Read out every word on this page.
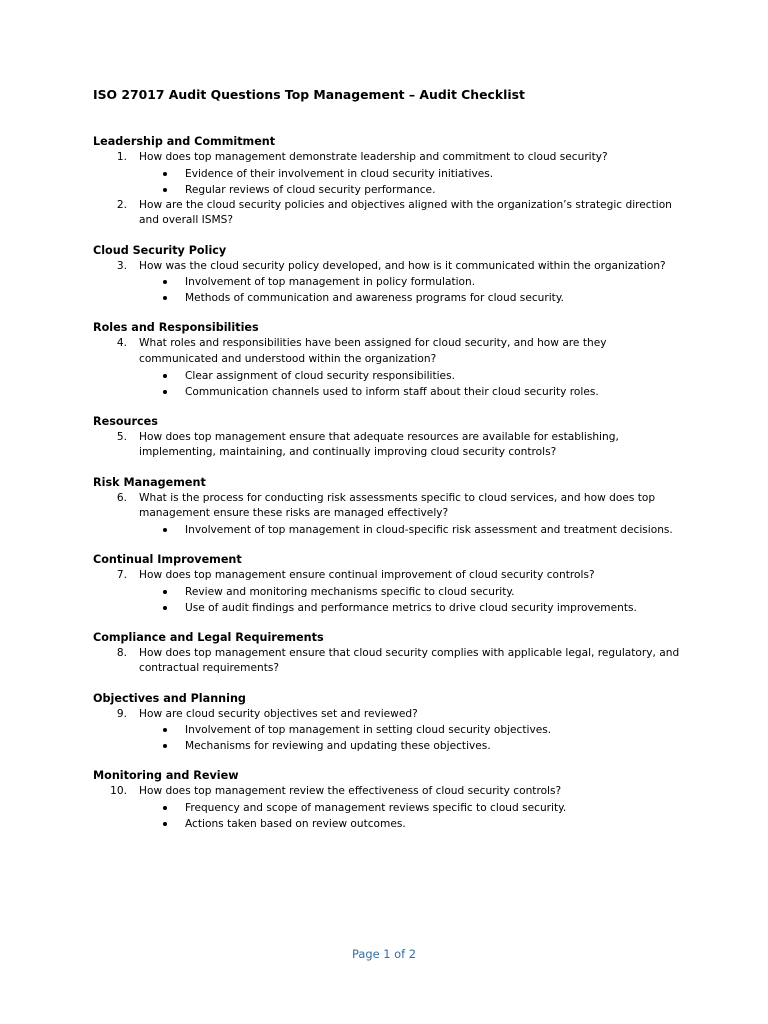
ISO 27017 Audit Questions Top Management – Audit Checklist
Leadership and Commitment
1. How does top management demonstrate leadership and commitment to cloud security?
Evidence of their involvement in cloud security initiatives.
Regular reviews of cloud security performance.
2. How are the cloud security policies and objectives aligned with the organization’s strategic direction and overall ISMS?
Cloud Security Policy
3. How was the cloud security policy developed, and how is it communicated within the organization?
Involvement of top management in policy formulation.
Methods of communication and awareness programs for cloud security.
Roles and Responsibilities
4. What roles and responsibilities have been assigned for cloud security, and how are they communicated and understood within the organization?
Clear assignment of cloud security responsibilities.
Communication channels used to inform staff about their cloud security roles.
Resources
5. How does top management ensure that adequate resources are available for establishing, implementing, maintaining, and continually improving cloud security controls?
Risk Management
6. What is the process for conducting risk assessments specific to cloud services, and how does top management ensure these risks are managed effectively?
Involvement of top management in cloud-specific risk assessment and treatment decisions.
Continual Improvement
7. How does top management ensure continual improvement of cloud security controls?
Review and monitoring mechanisms specific to cloud security.
Use of audit findings and performance metrics to drive cloud security improvements.
Compliance and Legal Requirements
8. How does top management ensure that cloud security complies with applicable legal, regulatory, and contractual requirements?
Objectives and Planning
9. How are cloud security objectives set and reviewed?
Involvement of top management in setting cloud security objectives.
Mechanisms for reviewing and updating these objectives.
Monitoring and Review
10. How does top management review the effectiveness of cloud security controls?
Frequency and scope of management reviews specific to cloud security.
Actions taken based on review outcomes.
Page 1 of 2
